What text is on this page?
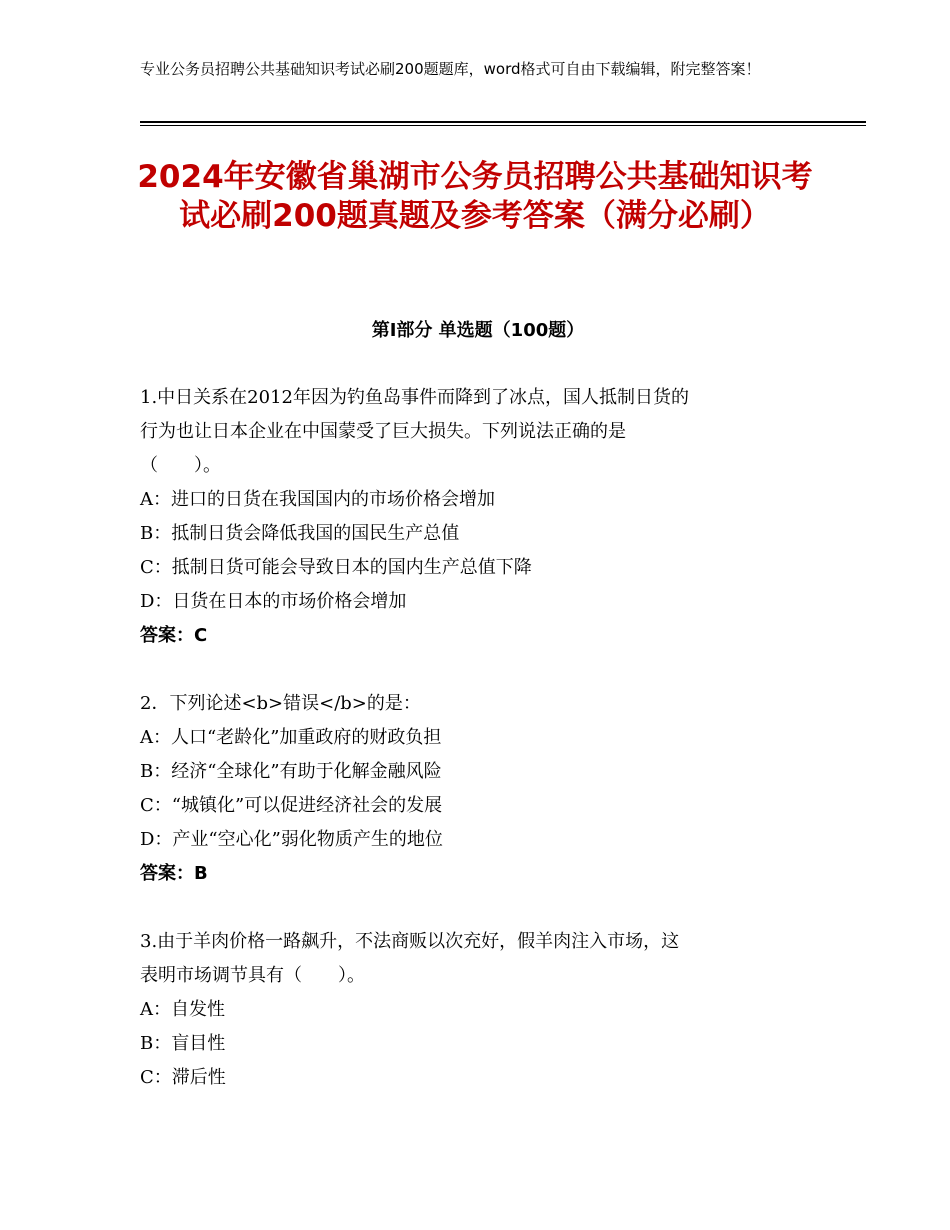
专业公务员招聘公共基础知识考试必刷200题题库，word格式可自由下载编辑，附完整答案！
2024年安徽省巢湖市公务员招聘公共基础知识考试必刷200题真题及参考答案（满分必刷）
第Ⅰ部分 单选题（100题）
1.中日关系在2012年因为钓鱼岛事件而降到了冰点，国人抵制日货的
行为也让日本企业在中国蒙受了巨大损失。下列说法正确的是
（　　）。
A：进口的日货在我国国内的市场价格会增加
B：抵制日货会降低我国的国民生产总值
C：抵制日货可能会导致日本的国内生产总值下降
D：日货在日本的市场价格会增加
答案：C
2．下列论述<b>错误</b>的是：
A：人口“老龄化”加重政府的财政负担
B：经济“全球化”有助于化解金融风险
C：“城镇化”可以促进经济社会的发展
D：产业“空心化”弱化物质产生的地位
答案：B
3.由于羊肉价格一路飙升，不法商贩以次充好，假羊肉注入市场，这
表明市场调节具有（　　）。
A：自发性
B：盲目性
C：滞后性
